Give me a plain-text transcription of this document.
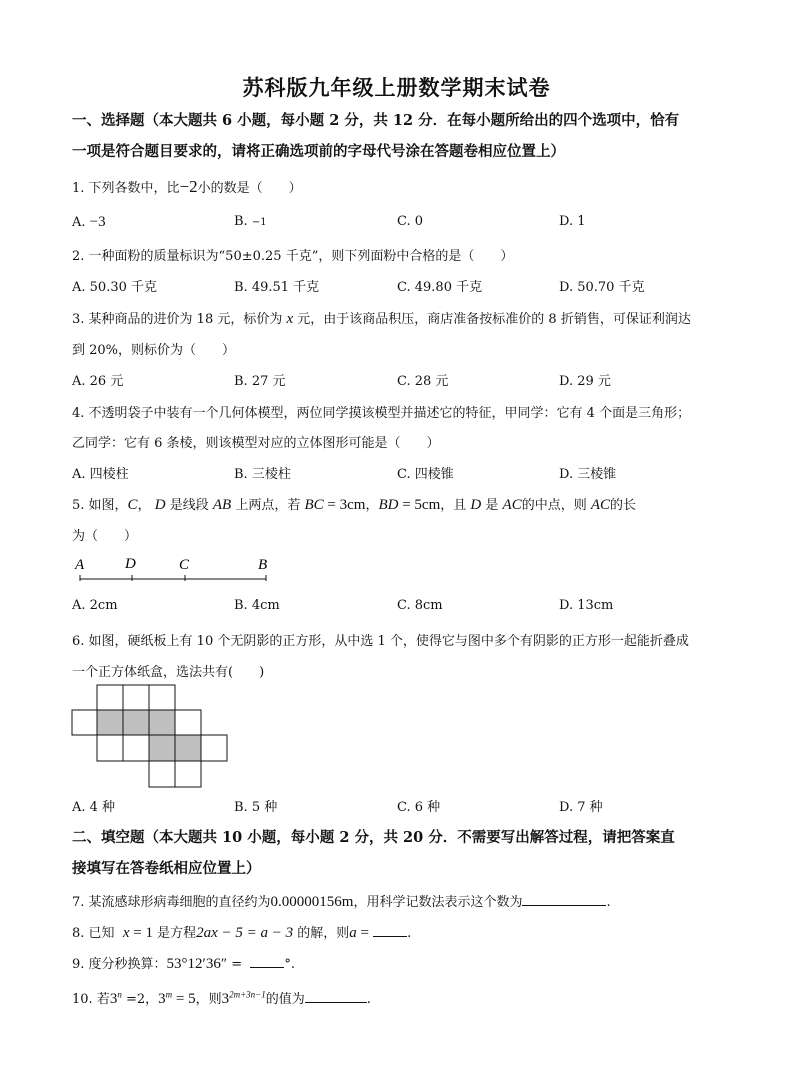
苏科版九年级上册数学期末试卷
一、选择题（本大题共 6 小题，每小题 2 分，共 12 分．在每小题所给出的四个选项中，恰有
一项是符合题目要求的，请将正确选项前的字母代号涂在答题卷相应位置上）
1. 下列各数中，比−2小的数是（　　）
A. −3	B. −1	C. 0	D. 1
2. 一种面粉的质量标识为“50±0.25 千克”，则下列面粉中合格的是（　　）
A. 50.30 千克	B. 49.51 千克	C. 49.80 千克	D. 50.70 千克
3. 某种商品的进价为 18 元，标价为 x 元，由于该商品积压，商店准备按标准价的 8 折销售，可保证利润达
到 20%，则标价为（　　）
A. 26 元	B. 27 元	C. 28 元	D. 29 元
4. 不透明袋子中装有一个几何体模型，两位同学摸该模型并描述它的特征，甲同学：它有 4 个面是三角形；
乙同学：它有 6 条棱，则该模型对应的立体图形可能是（　　）
A. 四棱柱	B. 三棱柱	C. 四棱锥	D. 三棱锥
5. 如图，C， D 是线段 AB 上两点，若 BC = 3cm，BD = 5cm，且 D 是 AC的中点，则 AC的长
为（　　）
A	D	C	B
A. 2cm	B. 4cm	C. 8cm	D. 13cm
6. 如图，硬纸板上有 10 个无阴影的正方形，从中选 1 个，使得它与图中多个有阴影的正方形一起能折叠成
一个正方体纸盒，选法共有(　　)
A. 4 种	B. 5 种	C. 6 种	D. 7 种
二、填空题（本大题共 10 小题，每小题 2 分，共 20 分．不需要写出解答过程，请把答案直
接填写在答卷纸相应位置上）
7. 某流感球形病毒细胞的直径约为0.00000156m，用科学记数法表示这个数为	.
8. 已知 x = 1 是方程2ax − 5 = a − 3 的解，则a =	.
9. 度分秒换算：53°12′36″ =	°.
10. 若$3^n =2$，$3^m = 5$，则$3^{2m+3n-1}$的值为	.
